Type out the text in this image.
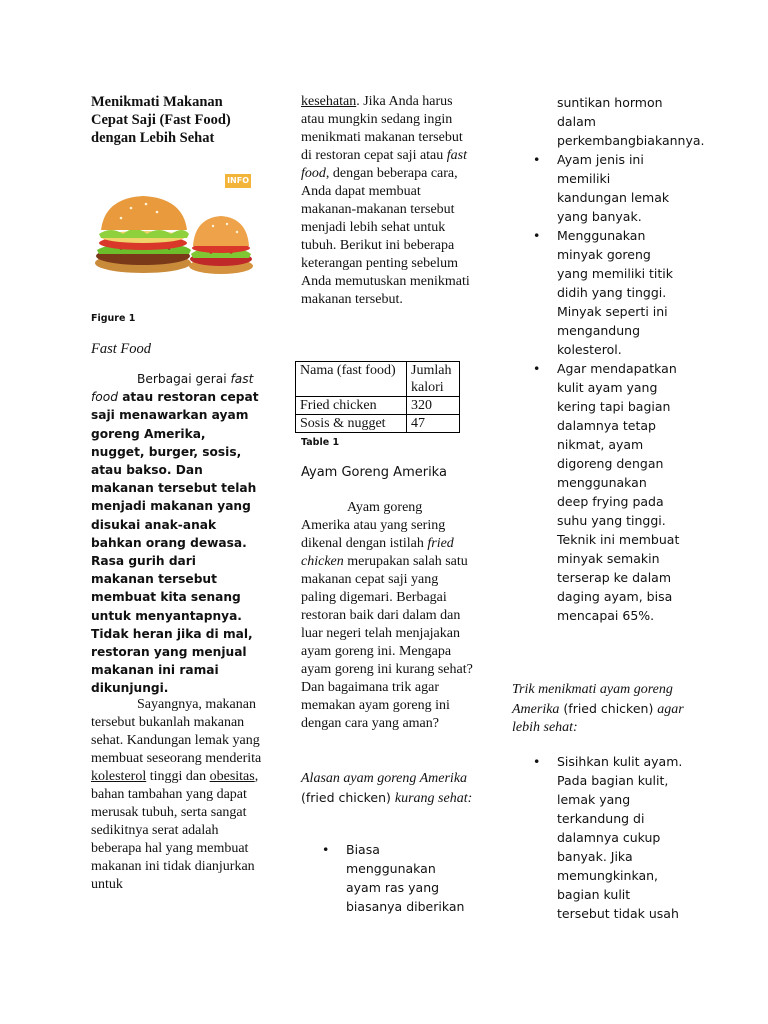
Menikmati Makanan
Cepat Saji (Fast Food)
dengan Lebih Sehat
INFO
Figure 1
Fast Food
Berbagai gerai fast food atau restoran cepat saji menawarkan ayam goreng Amerika, nugget, burger, sosis, atau bakso. Dan makanan tersebut telah menjadi makanan yang disukai anak-anak bahkan orang dewasa. Rasa gurih dari makanan tersebut membuat kita senang untuk menyantapnya. Tidak heran jika di mal, restoran yang menjual makanan ini ramai dikunjungi.
Sayangnya, makanan tersebut bukanlah makanan sehat. Kandungan lemak yang membuat seseorang menderita kolesterol tinggi dan obesitas, bahan tambahan yang dapat merusak tubuh, serta sangat sedikitnya serat adalah beberapa hal yang membuat makanan ini tidak dianjurkan untuk
kesehatan. Jika Anda harus atau mungkin sedang ingin menikmati makanan tersebut di restoran cepat saji atau fast food, dengan beberapa cara, Anda dapat membuat makanan-makanan tersebut menjadi lebih sehat untuk tubuh. Berikut ini beberapa keterangan penting sebelum Anda memutuskan menikmati makanan tersebut.
Nama (fast food)	Jumlah kalori
Fried chicken	320
Sosis & nugget	47
Table 1
Ayam Goreng Amerika
Ayam goreng Amerika atau yang sering dikenal dengan istilah fried chicken merupakan salah satu makanan cepat saji yang paling digemari. Berbagai restoran baik dari dalam dan luar negeri telah menjajakan ayam goreng ini. Mengapa ayam goreng ini kurang sehat? Dan bagaimana trik agar memakan ayam goreng ini dengan cara yang aman?
Alasan ayam goreng Amerika (fried chicken) kurang sehat:
• Biasa menggunakan ayam ras yang biasanya diberikan
suntikan hormon dalam perkembangbiakannya.
• Ayam jenis ini memiliki kandungan lemak yang banyak.
• Menggunakan minyak goreng yang memiliki titik didih yang tinggi. Minyak seperti ini mengandung kolesterol.
• Agar mendapatkan kulit ayam yang kering tapi bagian dalamnya tetap nikmat, ayam digoreng dengan menggunakan deep frying pada suhu yang tinggi. Teknik ini membuat minyak semakin terserap ke dalam daging ayam, bisa mencapai 65%.
Trik menikmati ayam goreng Amerika (fried chicken) agar lebih sehat:
• Sisihkan kulit ayam. Pada bagian kulit, lemak yang terkandung di dalamnya cukup banyak. Jika memungkinkan, bagian kulit tersebut tidak usah
